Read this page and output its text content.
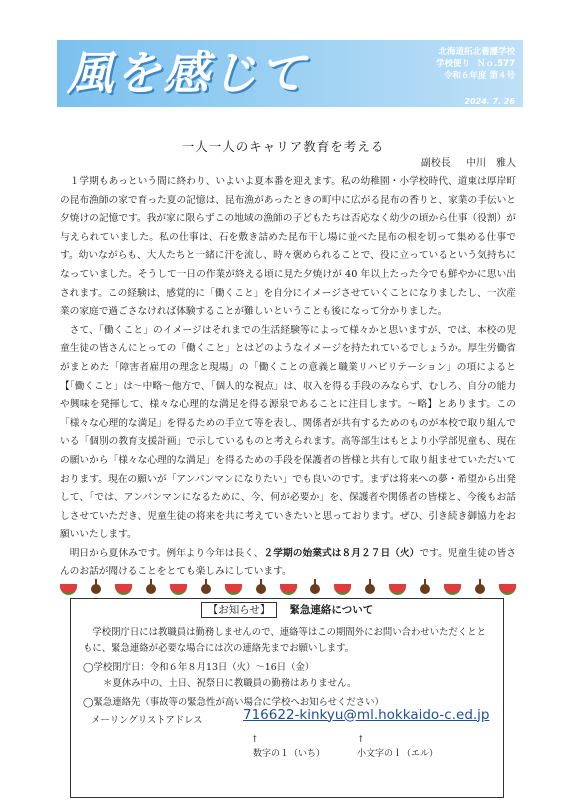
風を感じて	北海道拓北養護学校
学校便り Ｎｏ.577
令和６年度 第４号
2024. 7. 26
一人一人のキャリア教育を考える
副校長 中川　雅人

１学期もあっという間に終わり、いよいよ夏本番を迎えます。私の幼稚園・小学校時代、道東は厚岸町の昆布漁師の家で育った夏の記憶は、昆布漁があったときの町中に広がる昆布の香りと、家業の手伝いと夕焼けの記憶です。我が家に限らずこの地域の漁師の子どもたちは否応なく幼少の頃から仕事（役割）が与えられていました。私の仕事は、石を敷き詰めた昆布干し場に並べた昆布の根を切って集める仕事です。幼いながらも、大人たちと一緒に汗を流し、時々褒められることで、役に立っているという気持ちになっていました。そうして一日の作業が終える頃に見た夕焼けが 40 年以上たった今でも鮮やかに思い出されます。この経験は、感覚的に「働くこと」を自分にイメージさせていくことになりましたし、一次産業の家庭で過ごさなければ体験することが難しいということも後になって分かりました。

さて、「働くこと」のイメージはそれまでの生活経験等によって様々かと思いますが、では、本校の児童生徒の皆さんにとっての「働くこと」とはどのようなイメージを持たれているでしょうか。厚生労働省がまとめた「障害者雇用の理念と現場」の「働くことの意義と職業リハビリテーション」の項によると【「働くこと」は～中略～他方で、「個人的な視点」は、収入を得る手段のみならず、むしろ、自分の能力や興味を発揮して、様々な心理的な満足を得る源泉であることに注目します。～略】とあります。この「様々な心理的な満足」を得るための手立て等を表し、関係者が共有するためのものが本校で取り組んでいる「個別の教育支援計画」で示しているものと考えられます。高等部生はもとより小学部児童も、現在の願いから「様々な心理的な満足」を得るための手段を保護者の皆様と共有して取り組ませていただいております。現在の願いが「アンパンマンになりたい」でも良いのです。まずは将来への夢・希望から出発して、「では、アンパンマンになるために、今、何が必要か」を、保護者や関係者の皆様と、今後もお話しさせていただき、児童生徒の将来を共に考えていきたいと思っております。ぜひ、引き続き御協力をお願いいたします。

明日から夏休みです。例年より今年は長く、２学期の始業式は８月２７日（火）です。児童生徒の皆さんのお話が聞けることをとても楽しみにしています。

【お知らせ】 緊急連絡について

学校閉庁日には教職員は勤務しませんので、連絡等はこの期間外にお問い合わせいただくとともに、緊急連絡が必要な場合には次の連絡先までお願いします。

◯学校閉庁日：令和６年８月13日（火）～16日（金）

＊夏休み中の、土日、祝祭日に教職員の勤務はありません。

◯緊急連絡先（事故等の緊急性が高い場合に学校へお知らせください）

メーリングリストアドレス	716622-kinkyu@ml.hokkaido-c.ed.jp
↑	↑
数字の１（いち）	小文字のｌ（エル）
